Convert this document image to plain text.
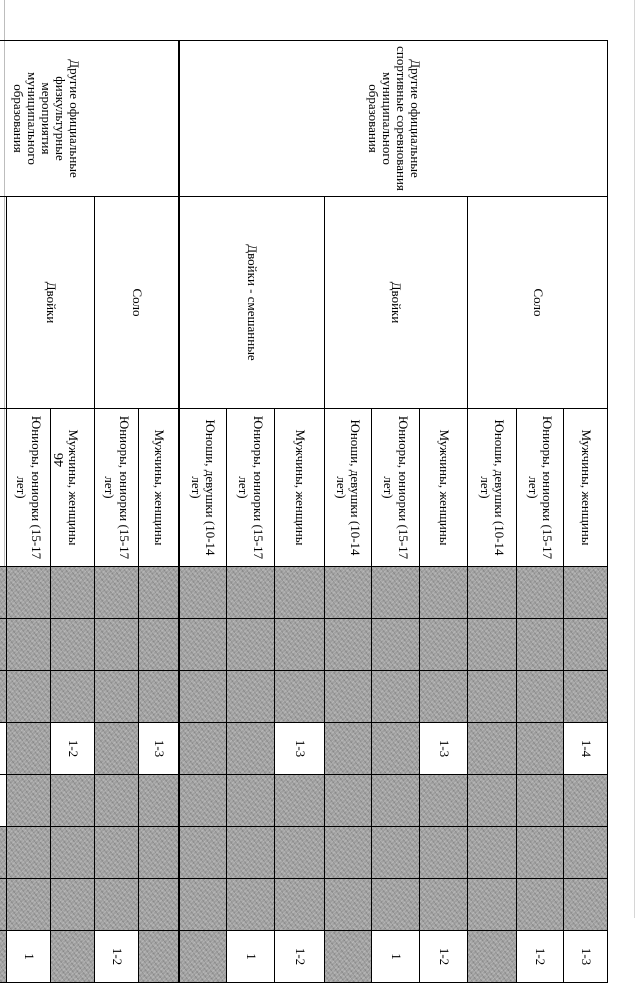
46
Другие официальные спортивные соревнования муниципального образования	Соло	Мужчины, женщины				1-4				1-3
		Юниоры, юниорки (15-17 лет)								1-2
		Юноши, девушки (10-14 лет)								
	Двойки	Мужчины, женщины				1-3				1-2
		Юниоры, юниорки (15-17 лет)								1
		Юноши, девушки (10-14 лет)								
	Двойки - смешанные	Мужчины, женщины				1-3				1-2
		Юниоры, юниорки (15-17 лет)								1
		Юноши, девушки (10-14 лет)								
Другие официальные физкультурные мероприятия муниципального образования	Соло	Мужчины, женщины				1-3				
		Юниоры, юниорки (15-17 лет)								1-2
	Двойки	Мужчины, женщины				1-2				
		Юниоры, юниорки (15-17 лет)								1
